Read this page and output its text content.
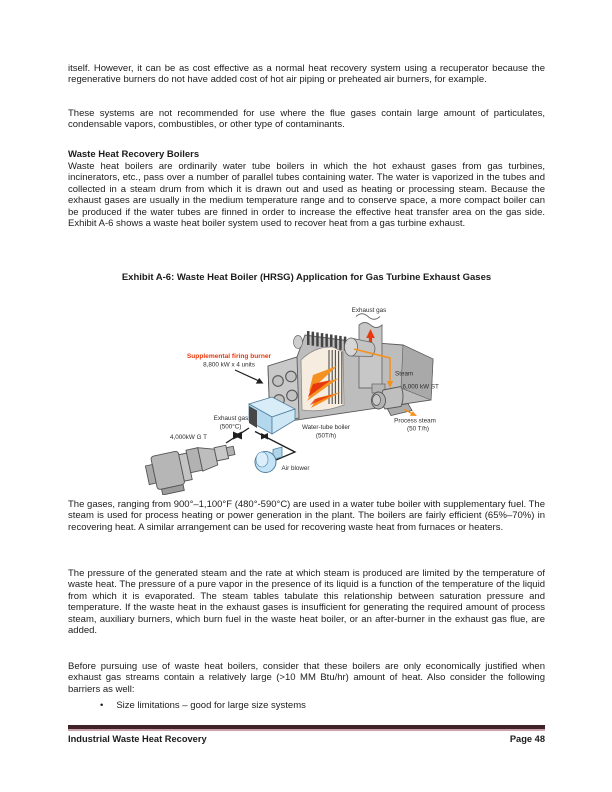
itself. However, it can be as cost effective as a normal heat recovery system using a recuperator because the regenerative burners do not have added cost of hot air piping or preheated air burners, for example.

These systems are not recommended for use where the flue gases contain large amount of particulates, condensable vapors, combustibles, or other type of contaminants.

Waste Heat Recovery Boilers

Waste heat boilers are ordinarily water tube boilers in which the hot exhaust gases from gas turbines, incinerators, etc., pass over a number of parallel tubes containing water. The water is vaporized in the tubes and collected in a steam drum from which it is drawn out and used as heating or processing steam. Because the exhaust gases are usually in the medium temperature range and to conserve space, a more compact boiler can be produced if the water tubes are finned in order to increase the effective heat transfer area on the gas side. Exhibit A-6 shows a waste heat boiler system used to recover heat from a gas turbine exhaust.

Exhibit A-6: Waste Heat Boiler (HRSG) Application for Gas Turbine Exhaust Gases
Exhaust gas
Supplemental firing burner
8,800 kW x 4 units
Exhaust gas
(500°C)
4,000kW G T
Water-tube boiler
(50T/h)
Air blower
Steam
6,000 kW ST
Process steam
(50 T/h)

The gases, ranging from 900°–1,100°F (480°-590°C) are used in a water tube boiler with supplementary fuel. The steam is used for process heating or power generation in the plant. The boilers are fairly efficient (65%–70%) in recovering heat. A similar arrangement can be used for recovering waste heat from furnaces or heaters.

The pressure of the generated steam and the rate at which steam is produced are limited by the temperature of waste heat. The pressure of a pure vapor in the presence of its liquid is a function of the temperature of the liquid from which it is evaporated. The steam tables tabulate this relationship between saturation pressure and temperature. If the waste heat in the exhaust gases is insufficient for generating the required amount of process steam, auxiliary burners, which burn fuel in the waste heat boiler, or an after-burner in the exhaust gas flue, are added.

Before pursuing use of waste heat boilers, consider that these boilers are only economically justified when exhaust gas streams contain a relatively large (>10 MM Btu/hr) amount of heat. Also consider the following barriers as well:

• Size limitations – good for large size systems
Industrial Waste Heat Recovery	Page 48
